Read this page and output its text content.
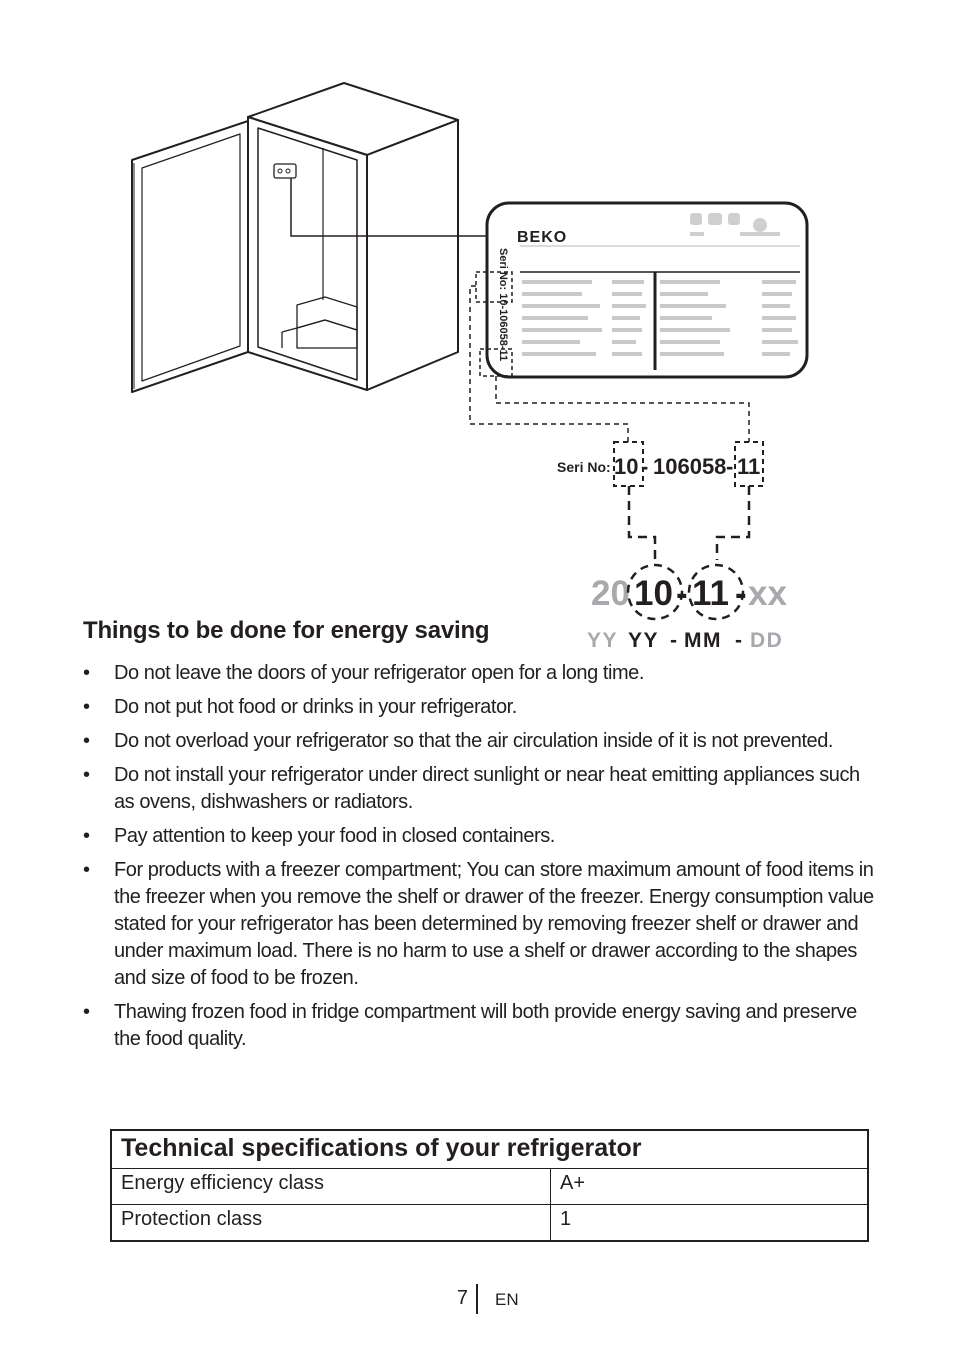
BEKO
Seri No: 10-106058-11
Seri No: 10 - 106058 - 11
20 10 - 11 - xx
YY YY - MM - DD
Things to be done for energy saving
• Do not leave the doors of your refrigerator open for a long time.
• Do not put hot food or drinks in your refrigerator.
• Do not overload your refrigerator so that the air circulation inside of it is not prevented.
• Do not install your refrigerator under direct sunlight or near heat emitting appliances such as ovens, dishwashers or radiators.
• Pay attention to keep your food in closed containers.
• For products with a freezer compartment; You can store maximum amount of food items in the freezer when you remove the shelf or drawer of the freezer. Energy consumption value stated for your refrigerator has been determined by removing freezer shelf or drawer and under maximum load. There is no harm to use a shelf or drawer according to the shapes and size of food to be frozen.
• Thawing frozen food in fridge compartment will both provide energy saving and preserve the food quality.
Technical specifications of your refrigerator	
Energy efficiency class	A+
Protection class	1
7 EN
